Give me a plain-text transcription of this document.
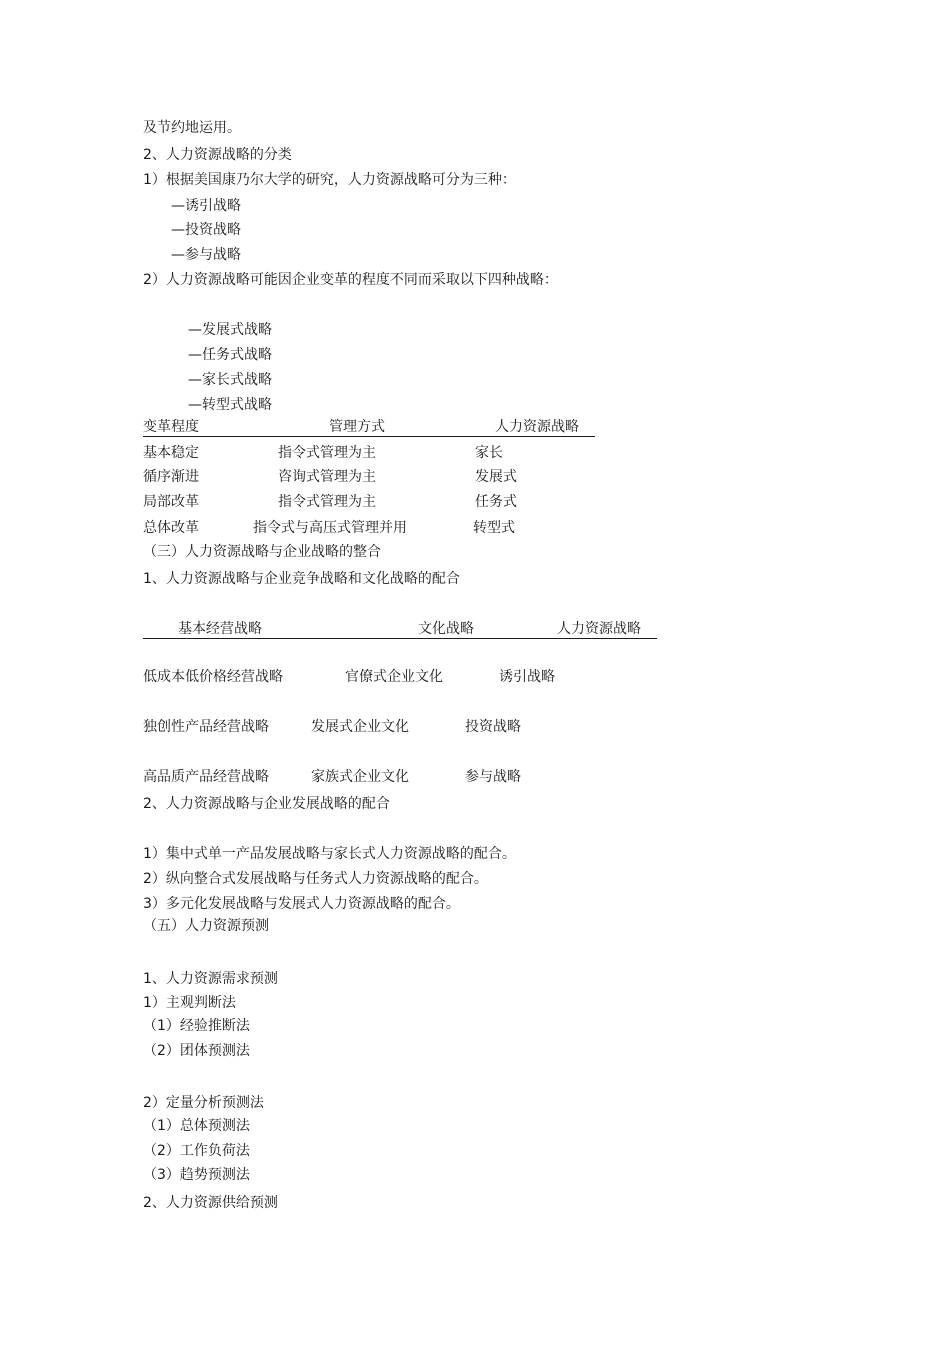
及节约地运用。
2、人力资源战略的分类
1）根据美国康乃尔大学的研究，人力资源战略可分为三种：
—诱引战略
—投资战略
—参与战略
2）人力资源战略可能因企业变革的程度不同而采取以下四种战略：
—发展式战略
—任务式战略
—家长式战略
—转型式战略
变革程度	管理方式	人力资源战略
基本稳定	指令式管理为主	家长
循序渐进	咨询式管理为主	发展式
局部改革	指令式管理为主	任务式
总体改革	指令式与高压式管理并用	转型式
（三）人力资源战略与企业战略的整合
1、人力资源战略与企业竞争战略和文化战略的配合
基本经营战略	文化战略	人力资源战略
低成本低价格经营战略	官僚式企业文化	诱引战略
独创性产品经营战略	发展式企业文化	投资战略
高品质产品经营战略	家族式企业文化	参与战略
2、人力资源战略与企业发展战略的配合
1）集中式单一产品发展战略与家长式人力资源战略的配合。
2）纵向整合式发展战略与任务式人力资源战略的配合。
3）多元化发展战略与发展式人力资源战略的配合。
（五）人力资源预测
1、人力资源需求预测
1）主观判断法
（1）经验推断法
（2）团体预测法
2）定量分析预测法
（1）总体预测法
（2）工作负荷法
（3）趋势预测法
2、人力资源供给预测
